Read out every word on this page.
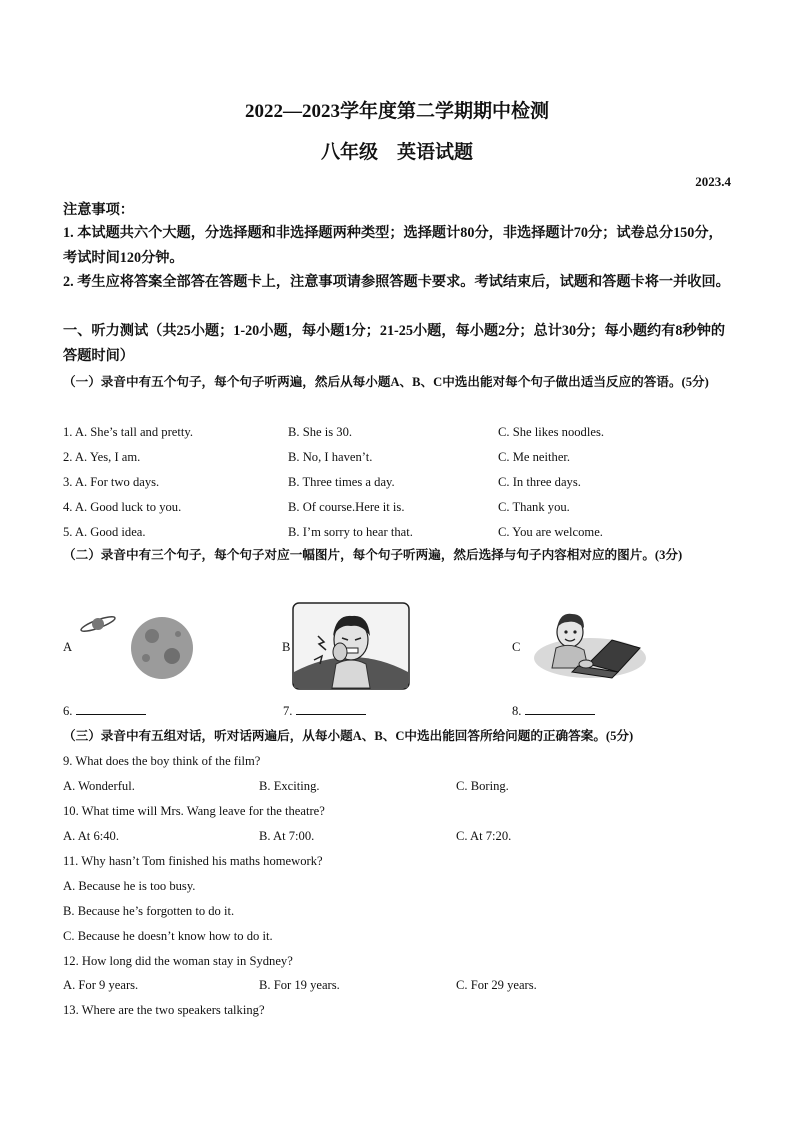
2022—2023学年度第二学期期中检测
八年级　英语试题
2023.4
注意事项：
1. 本试题共六个大题，分选择题和非选择题两种类型；选择题计80分，非选择题计70分；试卷总分150分，考试时间120分钟。
2. 考生应将答案全部答在答题卡上，注意事项请参照答题卡要求。考试结束后，试题和答题卡将一并收回。
一、听力测试（共25小题；1-20小题，每小题1分；21-25小题，每小题2分；总计30分；每小题约有8秒钟的答题时间）
（一）录音中有五个句子，每个句子听两遍，然后从每小题A、B、C中选出能对每个句子做出适当反应的答语。(5分)
1. A. She’s tall and pretty.	B. She is 30.	C. She likes noodles.
2. A. Yes, I am.	B. No, I haven’t.	C. Me neither.
3. A. For two days.	B. Three times a day.	C. In three days.
4. A. Good luck to you.	B. Of course.Here it is.	C. Thank you.
5. A. Good idea.	B. I’m sorry to hear that.	C. You are welcome.
（二）录音中有三个句子，每个句子对应一幅图片，每个句子听两遍，然后选择与句子内容相对应的图片。(3分)
A	B	C
6.	7.	8.
（三）录音中有五组对话，听对话两遍后，从每小题A、B、C中选出能回答所给问题的正确答案。(5分)
9. What does the boy think of the film?
A. Wonderful.	B. Exciting.	C. Boring.
10. What time will Mrs. Wang leave for the theatre?
A. At 6:40.	B. At 7:00.	C. At 7:20.
11. Why hasn’t Tom finished his maths homework?
A. Because he is too busy.
B. Because he’s forgotten to do it.
C. Because he doesn’t know how to do it.
12. How long did the woman stay in Sydney?
A. For 9 years.	B. For 19 years.	C. For 29 years.
13. Where are the two speakers talking?
